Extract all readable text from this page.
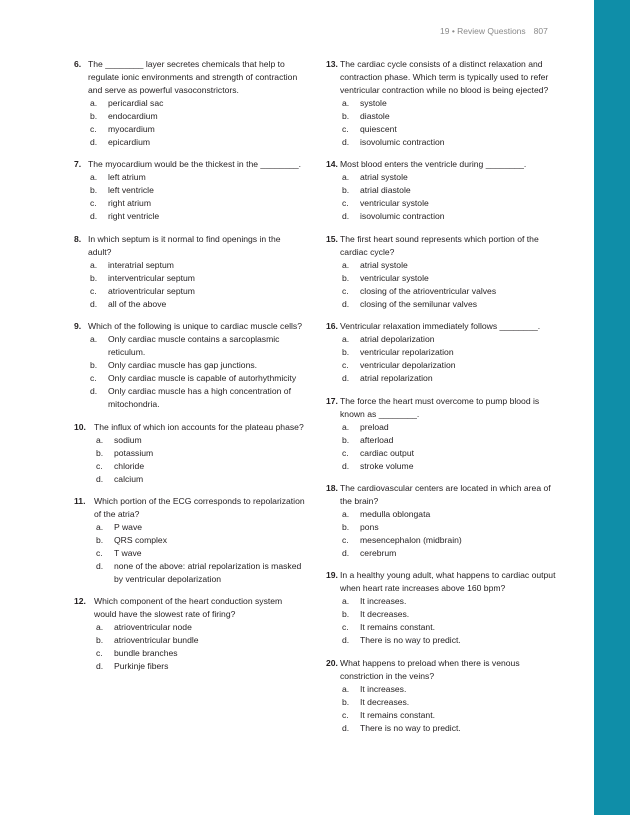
19 • Review Questions 807
6. The ________ layer secretes chemicals that help to regulate ionic environments and strength of contraction and serve as powerful vasoconstrictors.
a.	pericardial sac
b.	endocardium
c.	myocardium
d.	epicardium
7. The myocardium would be the thickest in the ________.
a.	left atrium
b.	left ventricle
c.	right atrium
d.	right ventricle
8. In which septum is it normal to find openings in the adult?
a.	interatrial septum
b.	interventricular septum
c.	atrioventricular septum
d.	all of the above
9. Which of the following is unique to cardiac muscle cells?
a.	Only cardiac muscle contains a sarcoplasmic reticulum.
b.	Only cardiac muscle has gap junctions.
c.	Only cardiac muscle is capable of autorhythmicity
d.	Only cardiac muscle has a high concentration of mitochondria.
10. The influx of which ion accounts for the plateau phase?
a.	sodium
b.	potassium
c.	chloride
d.	calcium
11. Which portion of the ECG corresponds to repolarization of the atria?
a.	P wave
b.	QRS complex
c.	T wave
d.	none of the above: atrial repolarization is masked by ventricular depolarization
12. Which component of the heart conduction system would have the slowest rate of firing?
a.	atrioventricular node
b.	atrioventricular bundle
c.	bundle branches
d.	Purkinje fibers
13. The cardiac cycle consists of a distinct relaxation and contraction phase. Which term is typically used to refer ventricular contraction while no blood is being ejected?
a.	systole
b.	diastole
c.	quiescent
d.	isovolumic contraction
14. Most blood enters the ventricle during ________.
a.	atrial systole
b.	atrial diastole
c.	ventricular systole
d.	isovolumic contraction
15. The first heart sound represents which portion of the cardiac cycle?
a.	atrial systole
b.	ventricular systole
c.	closing of the atrioventricular valves
d.	closing of the semilunar valves
16. Ventricular relaxation immediately follows ________.
a.	atrial depolarization
b.	ventricular repolarization
c.	ventricular depolarization
d.	atrial repolarization
17. The force the heart must overcome to pump blood is known as ________.
a.	preload
b.	afterload
c.	cardiac output
d.	stroke volume
18. The cardiovascular centers are located in which area of the brain?
a.	medulla oblongata
b.	pons
c.	mesencephalon (midbrain)
d.	cerebrum
19. In a healthy young adult, what happens to cardiac output when heart rate increases above 160 bpm?
a.	It increases.
b.	It decreases.
c.	It remains constant.
d.	There is no way to predict.
20. What happens to preload when there is venous constriction in the veins?
a.	It increases.
b.	It decreases.
c.	It remains constant.
d.	There is no way to predict.
